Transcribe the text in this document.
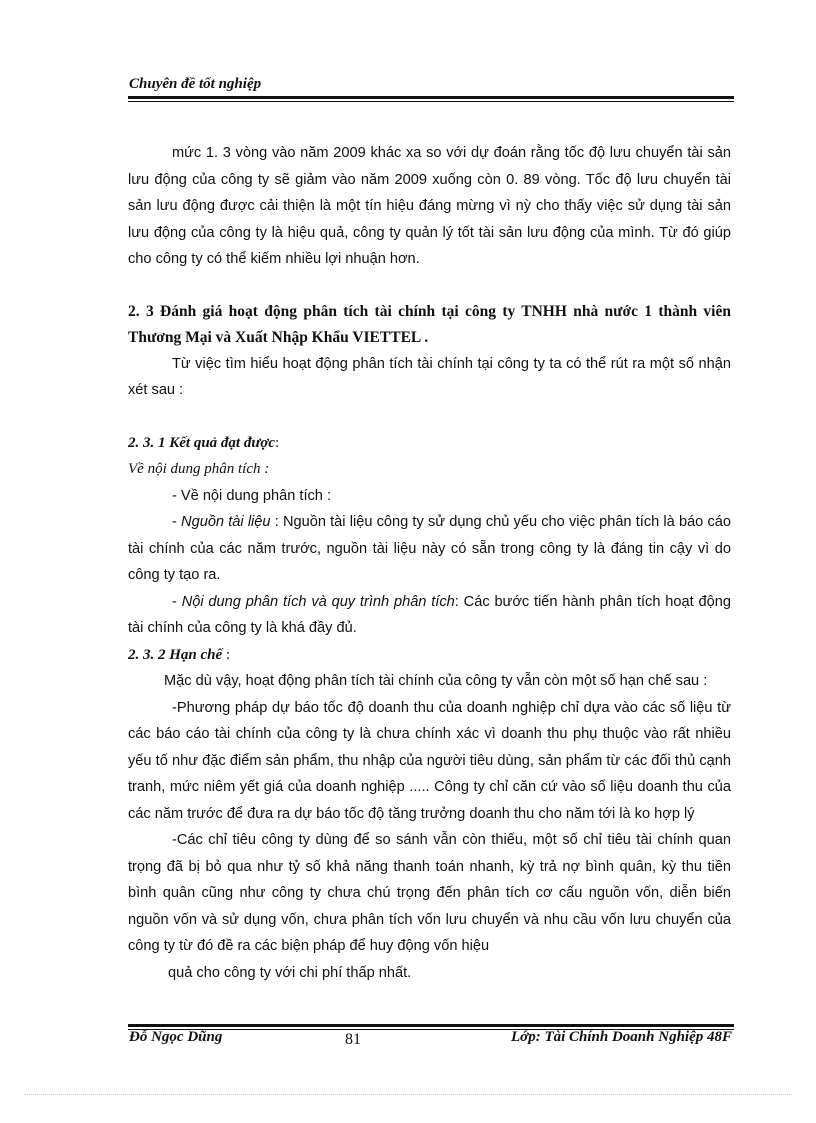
Chuyên đề tốt nghiệp

mức 1. 3 vòng vào năm 2009 khác xa so với dự đoán rằng tốc độ lưu chuyển tài sản lưu động của công ty sẽ giảm vào năm 2009 xuống còn 0. 89 vòng. Tốc độ lưu chuyển tài sản lưu động được cải thiện là một tín hiệu đáng mừng vì nỳ cho thấy việc sử dụng tài sản lưu động của công ty là hiệu quả, công ty quản lý tốt tài sản lưu động của mình. Từ đó giúp cho công ty có thể kiếm nhiều lợi nhuận hơn.

2. 3 Đánh giá hoạt động phân tích tài chính tại công ty TNHH nhà nước 1 thành viên Thương Mại và Xuất Nhập Khẩu VIETTEL .

Từ việc tìm hiểu hoạt động phân tích tài chính tại công ty ta có thể rút ra một số nhận xét sau :

2. 3. 1 Kết quả đạt được:

Về nội dung phân tích :

- Về nội dung phân tích :

- Nguồn tài liệu : Nguồn tài liệu công ty sử dụng chủ yếu cho việc phân tích là báo cáo tài chính của các năm trước, nguồn tài liệu này có sẵn trong công ty là đáng tin cậy vì do công ty tạo ra.

- Nội dung phân tích và quy trình phân tích: Các bước tiến hành phân tích hoạt động tài chính của công ty là khá đầy đủ.

2. 3. 2 Hạn chế :

Mặc dù vậy, hoạt động phân tích tài chính của công ty vẫn còn một số hạn chế sau :

-Phương pháp dự báo tốc độ doanh thu của doanh nghiệp chỉ dựa vào các số liệu từ các báo cáo tài chính của công ty là chưa chính xác vì doanh thu phụ thuộc vào rất nhiều yếu tố như đặc điểm sản phẩm, thu nhập của người tiêu dùng, sản phẩm từ các đối thủ cạnh tranh, mức niêm yết giá của doanh nghiệp ..... Công ty chỉ căn cứ vào số liệu doanh thu của các năm trước để đưa ra dự báo tốc độ tăng trưởng doanh thu cho năm tới là ko hợp lý

-Các chỉ tiêu công ty dùng để so sánh vẫn còn thiếu, một số chỉ tiêu tài chính quan trọng đã bị bỏ qua như tỷ số khả năng thanh toán nhanh, kỳ trả nợ bình quân, kỳ thu tiền bình quân cũng như công ty chưa chú trọng đến phân tích cơ cấu nguồn vốn, diễn biến nguồn vốn và sử dụng vốn, chưa phân tích vốn lưu chuyển và nhu cầu vốn lưu chuyển của công ty từ đó đề ra các biện pháp để huy động vốn hiệu

quả cho công ty với chi phí thấp nhất.

Đỗ Ngọc Dũng	81	Lớp: Tài Chính Doanh Nghiệp 48F
